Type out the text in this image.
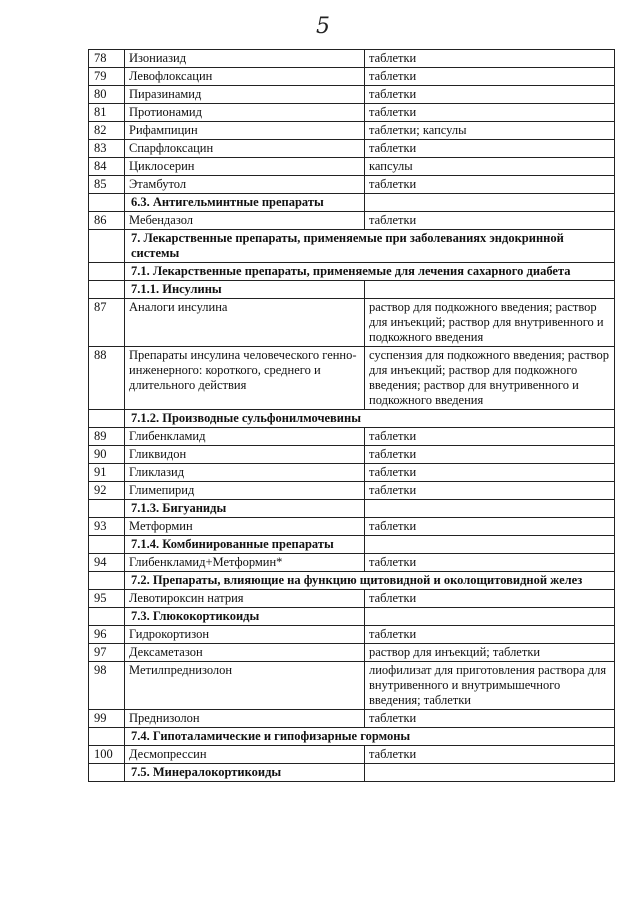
5
78	Изониазид	таблетки
79	Левофлоксацин	таблетки
80	Пиразинамид	таблетки
81	Протионамид	таблетки
82	Рифампицин	таблетки; капсулы
83	Спарфлоксацин	таблетки
84	Циклосерин	капсулы
85	Этамбутол	таблетки
	6.3. Антигельминтные препараты	
86	Мебендазол	таблетки
	7. Лекарственные препараты, применяемые при заболеваниях эндокринной системы	
	7.1. Лекарственные препараты, применяемые для лечения сахарного диабета	
	7.1.1. Инсулины	
87	Аналоги инсулина	раствор для подкожного введения; раствор для инъекций; раствор для внутривенного и подкожного введения
88	Препараты инсулина человеческого генно-инженерного: короткого, среднего и длительного действия	суспензия для подкожного введения; раствор для инъекций; раствор для подкожного введения; раствор для внутривенного и подкожного введения
	7.1.2. Производные сульфонилмочевины	
89	Глибенкламид	таблетки
90	Гликвидон	таблетки
91	Гликлазид	таблетки
92	Глимепирид	таблетки
	7.1.3. Бигуаниды	
93	Метформин	таблетки
	7.1.4. Комбинированные препараты	
94	Глибенкламид+Метформин*	таблетки
	7.2. Препараты, влияющие на функцию щитовидной и околощитовидной желез	
95	Левотироксин натрия	таблетки
	7.3. Глюкокортикоиды	
96	Гидрокортизон	таблетки
97	Дексаметазон	раствор для инъекций; таблетки
98	Метилпреднизолон	лиофилизат для приготовления раствора для внутривенного и внутримышечного введения; таблетки
99	Преднизолон	таблетки
	7.4. Гипоталамические и гипофизарные гормоны	
100	Десмопрессин	таблетки
	7.5. Минералокортикоиды	
